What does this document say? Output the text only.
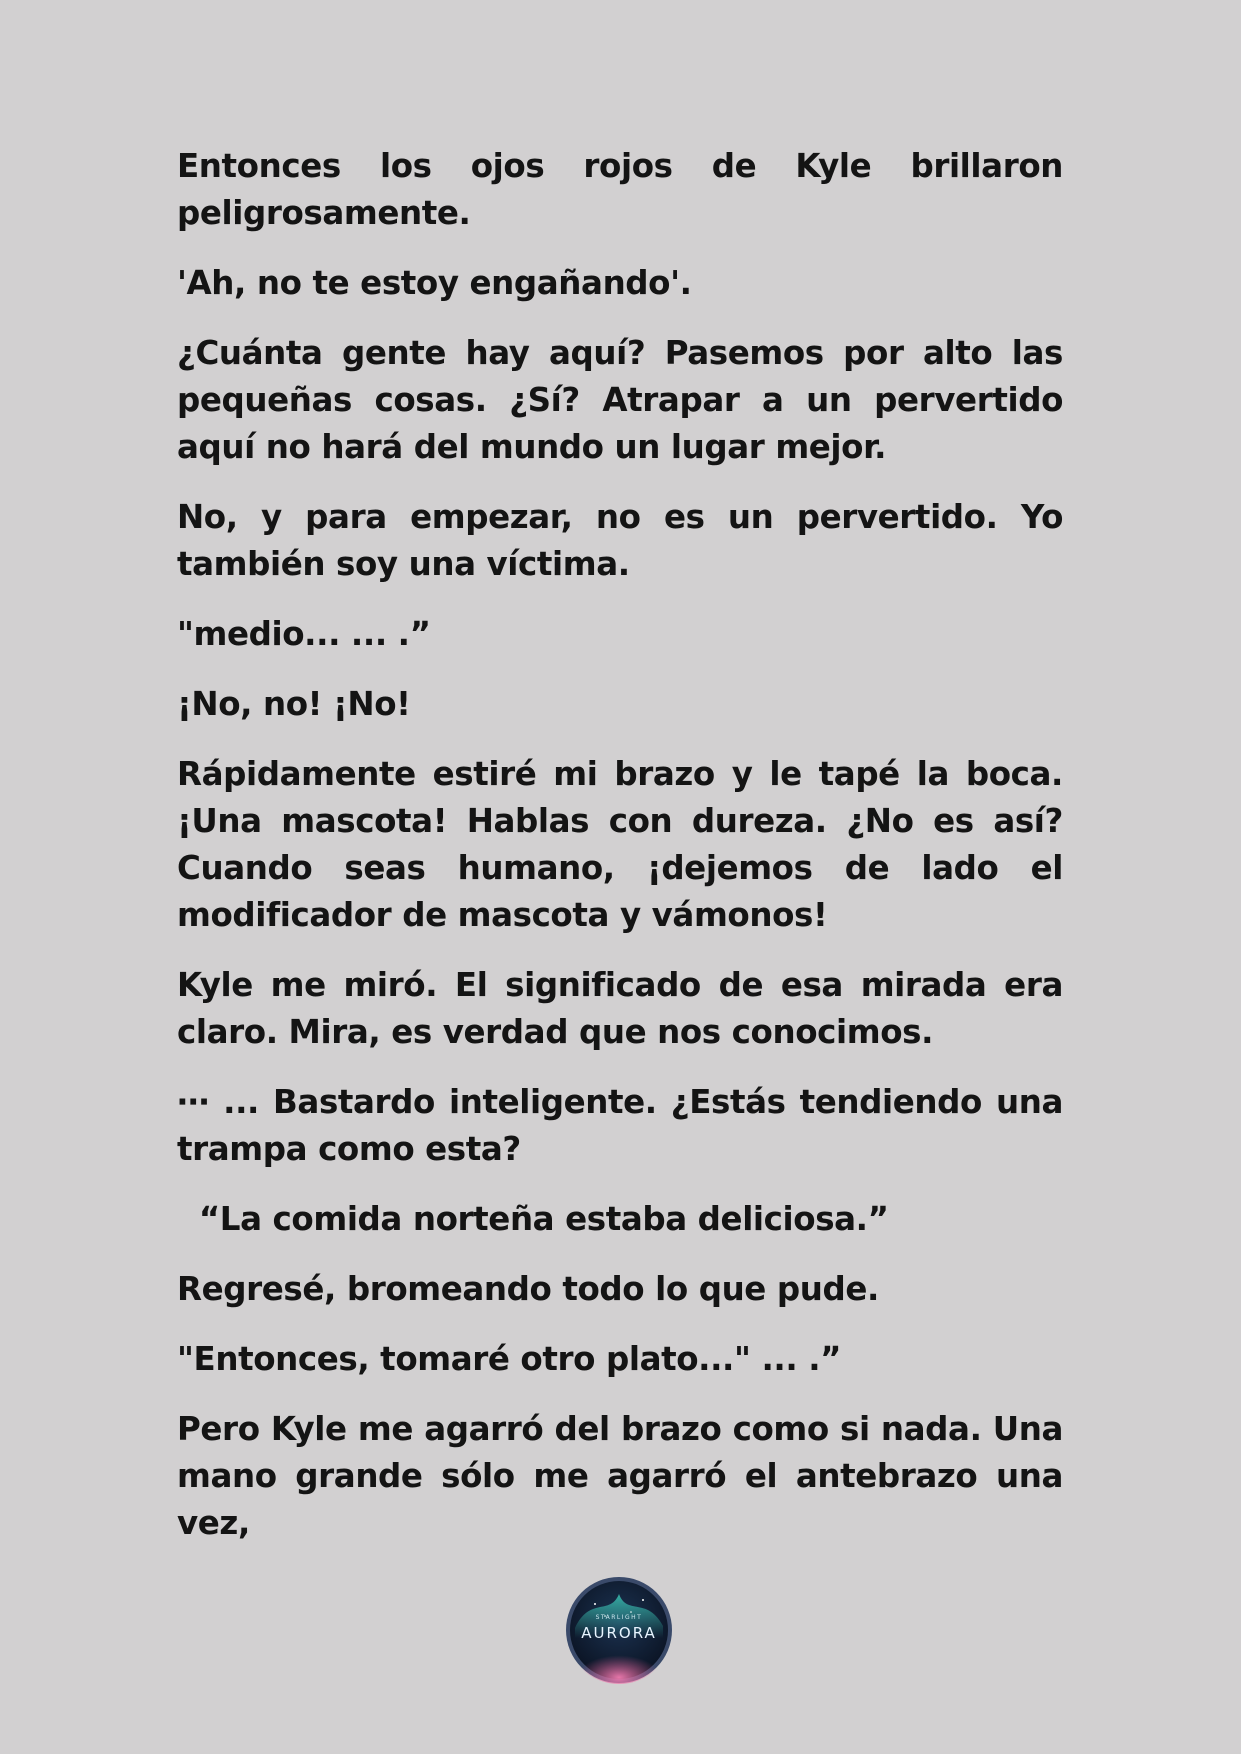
Entonces los ojos rojos de Kyle brillaron peligrosamente.

'Ah, no te estoy engañando'.

¿Cuánta gente hay aquí? Pasemos por alto las pequeñas cosas. ¿Sí? Atrapar a un pervertido aquí no hará del mundo un lugar mejor.

No, y para empezar, no es un pervertido. Yo también soy una víctima.

"medio... ... .”

¡No, no! ¡No!

Rápidamente estiré mi brazo y le tapé la boca. ¡Una mascota! Hablas con dureza. ¿No es así? Cuando seas humano, ¡dejemos de lado el modificador de mascota y vámonos!

Kyle me miró. El significado de esa mirada era claro. Mira, es verdad que nos conocimos.

⋯ ... Bastardo inteligente. ¿Estás tendiendo una trampa como esta?

“La comida norteña estaba deliciosa.”

Regresé, bromeando todo lo que pude.

"Entonces, tomaré otro plato..." ... .”

Pero Kyle me agarró del brazo como si nada. Una mano grande sólo me agarró el antebrazo una vez,

STARLIGHT
AURORA
